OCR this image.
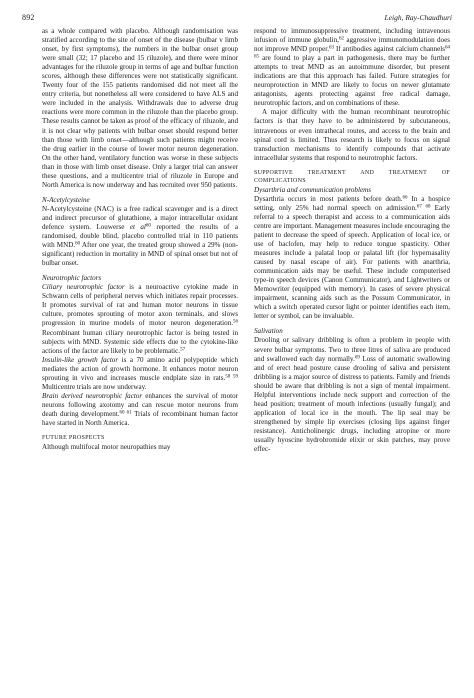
892	Leigh, Ray-Chaudhuri

as a whole compared with placebo. Although randomisation was stratified according to the site of onset of the disease (bulbar v limb onset, by first symptoms), the numbers in the bulbar onset group were small (32; 17 placebo and 15 riluzole), and there were minor advantages for the riluzole group in terms of age and bulbar function scores, although these differences were not statistically significant. Twenty four of the 155 patients randomised did not meet all the entry criteria, but nonetheless all were considered to have ALS and were included in the analysis. Withdrawals due to adverse drug reactions were more common in the riluzole than the placebo group. These results cannot be taken as proof of the efficacy of riluzole, and it is not clear why patients with bulbar onset should respond better than those with limb onset—although such patients might receive the drug earlier in the course of lower motor neuron degeneration. On the other hand, ventilatory function was worse in these subjects than in those with limb onset disease. Only a larger trial can answer these questions, and a multicentre trial of riluzole in Europe and North America is now underway and has recruited over 950 patients.

N-Acetylcysteine

N-Acetylcysteine (NAC) is a free radical scavenger and is a direct and indirect precursor of glutathione, a major intracellular oxidant defence system. Louwerse et $al^{60}$ reported the results of a randomised, double blind, placebo controlled trial in 110 patients with MND.$^{60}$ After one year, the treated group showed a 29% (non-significant) reduction in mortality in MND of spinal onset but not of bulbar onset.

Neurotrophic factors

Ciliary neurotrophic factor is a neuroactive cytokine made in Schwann cells of peripheral nerves which initiates repair processes. It promotes survival of rat and human motor neurons in tissue culture, promotes sprouting of motor axon terminals, and slows progression in murine models of motor neuron degeneration.$^{56}$ Recombinant human ciliary neurotrophic factor is being tested in subjects with MND. Systemic side effects due to the cytokine-like actions of the factor are likely to be problematic.$^{57}$

Insulin-like growth factor is a 70 amino acid polypeptide which mediates the action of growth hormone. It enhances motor neuron sprouting in vivo and increases muscle endplate size in rats.$^{58 59}$ Multicentre trials are now underway.

Brain derived neurotrophic factor enhances the survival of motor neurons following axotomy and can rescue motor neurons from death during development.$^{60 61}$ Trials of recombinant human factor have started in North America.

FUTURE PROSPECTS

Although multifocal motor neuropathies may

respond to immunosuppressive treatment, including intravenous infusion of immune globulin,$^{62}$ aggressive immunomodulation does not improve MND proper.$^{63}$ If antibodies against calcium channels$^{64 65}$ are found to play a part in pathogenesis, there may be further attempts to treat MND as an autoimmune disorder, but present indications are that this approach has failed. Future strategies for neuroprotection in MND are likely to focus on newer glutamate antagonists, agents protecting against free radical damage, neurotrophic factors, and on combinations of these.

A major difficulty with the human recombinant neurotrophic factors is that they have to be administered by subcutaneous, intravenous or even intrathecal routes, and access to the brain and spinal cord is limited. Thus research is likely to focus on signal transduction mechanisms to identify compounds that activate intracellular systems that respond to neurotrophic factors.

SUPPORTIVE TREATMENT AND TREATMENT OF COMPLICATIONS
Dysarthria and communication problems

Dysarthria occurs in most patients before death.$^{66}$ In a hospice setting, only 25% had normal speech on admission.$^{67 68}$ Early referral to a speech therapist and access to a communication aids centre are important. Management measures include encouraging the patient to decrease the speed of speech. Application of local ice, or use of baclofen, may help to reduce tongue spasticity. Other measures include a palatal loop or palatal lift (for hypernasality caused by nasal escape of air). For patients with anarthria, communication aids may be useful. These include computerised type-in speech devices (Canon Communicator), and Lightwriters or Memowriter (equipped with memory). In cases of severe physical impairment, scanning aids such as the Possum Communicator, in which a switch operated cursor light or pointer identifies each item, letter or symbol, can be invaluable.

Salivation

Drooling or salivary dribbling is often a problem in people with severe bulbar symptoms. Two to three litres of saliva are produced and swallowed each day normally.$^{69}$ Loss of automatic swallowing and of erect head posture cause drooling of saliva and persistent dribbling is a major source of distress to patients. Family and friends should be aware that dribbling is not a sign of mental impairment. Helpful interventions include neck support and correction of the head position; treatment of mouth infections (usually fungal); and application of local ice in the mouth. The lip seal may be strengthened by simple lip exercises (closing lips against finger resistance). Anticholinergic drugs, including atropine or more usually hyoscine hydrobromide elixir or skin patches, may prove effec-
